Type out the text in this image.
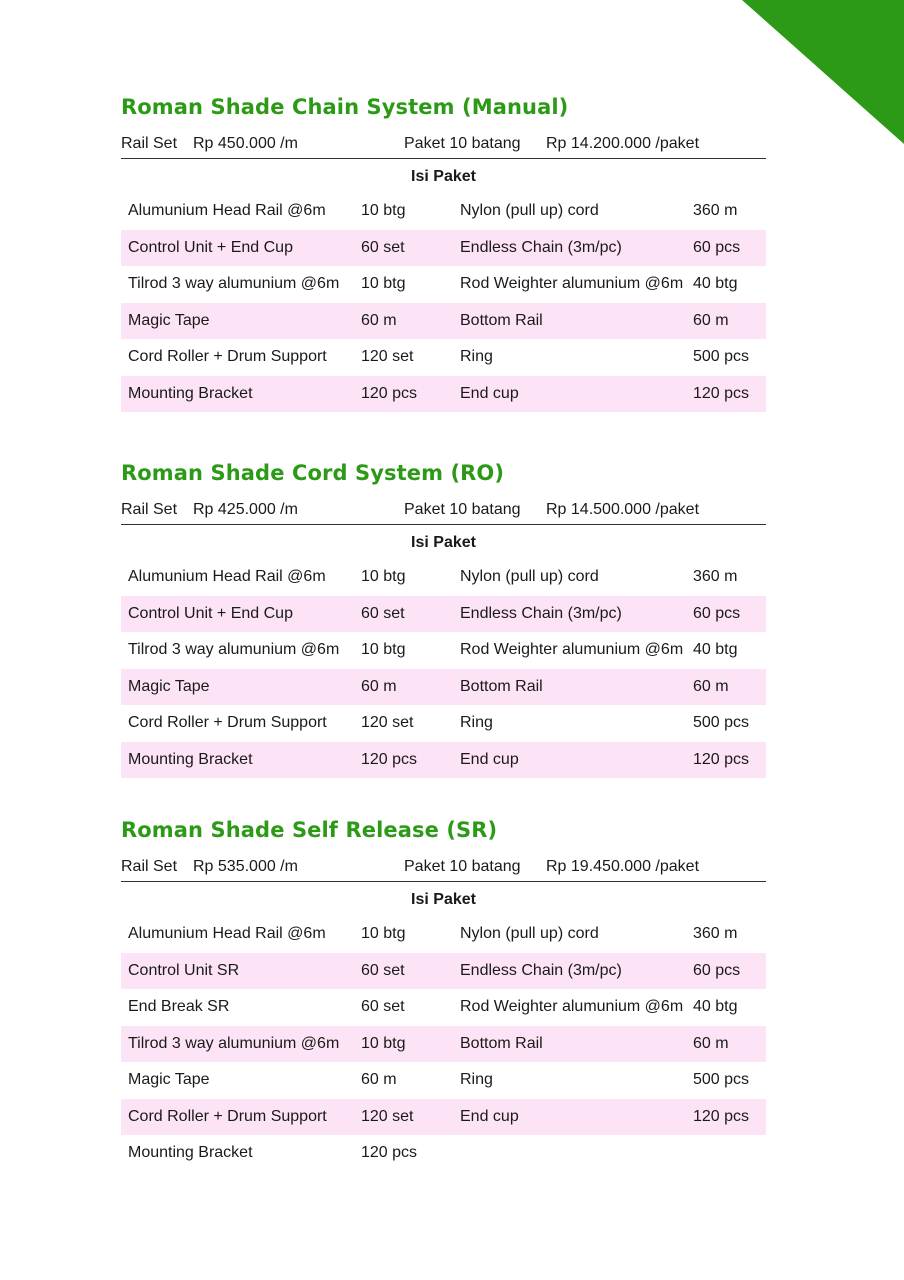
Roman Shade Chain System (Manual)
Rail Set Rp 450.000 /m	Paket 10 batang Rp 14.200.000 /paket
Isi Paket
Alumunium Head Rail @6m 10 btg	Nylon (pull up) cord	360 m
Control Unit + End Cup	60 set	Endless Chain (3m/pc)	60 pcs
Tilrod 3 way alumunium @6m 10 btg	Rod Weighter alumunium @6m 40 btg
Magic Tape	60 m	Bottom Rail	60 m
Cord Roller + Drum Support 120 set	Ring	500 pcs
Mounting Bracket	120 pcs	End cup	120 pcs
Roman Shade Cord System (RO)
Rail Set Rp 425.000 /m	Paket 10 batang Rp 14.500.000 /paket
Isi Paket
Alumunium Head Rail @6m 10 btg	Nylon (pull up) cord	360 m
Control Unit + End Cup	60 set	Endless Chain (3m/pc)	60 pcs
Tilrod 3 way alumunium @6m 10 btg	Rod Weighter alumunium @6m 40 btg
Magic Tape	60 m	Bottom Rail	60 m
Cord Roller + Drum Support 120 set	Ring	500 pcs
Mounting Bracket	120 pcs	End cup	120 pcs
Roman Shade Self Release (SR)
Rail Set Rp 535.000 /m	Paket 10 batang Rp 19.450.000 /paket
Isi Paket
Alumunium Head Rail @6m 10 btg	Nylon (pull up) cord	360 m
Control Unit SR	60 set	Endless Chain (3m/pc)	60 pcs
End Break SR	60 set	Rod Weighter alumunium @6m 40 btg
Tilrod 3 way alumunium @6m 10 btg	Bottom Rail	60 m
Magic Tape	60 m	Ring	500 pcs
Cord Roller + Drum Support 120 set	End cup	120 pcs
Mounting Bracket	120 pcs
